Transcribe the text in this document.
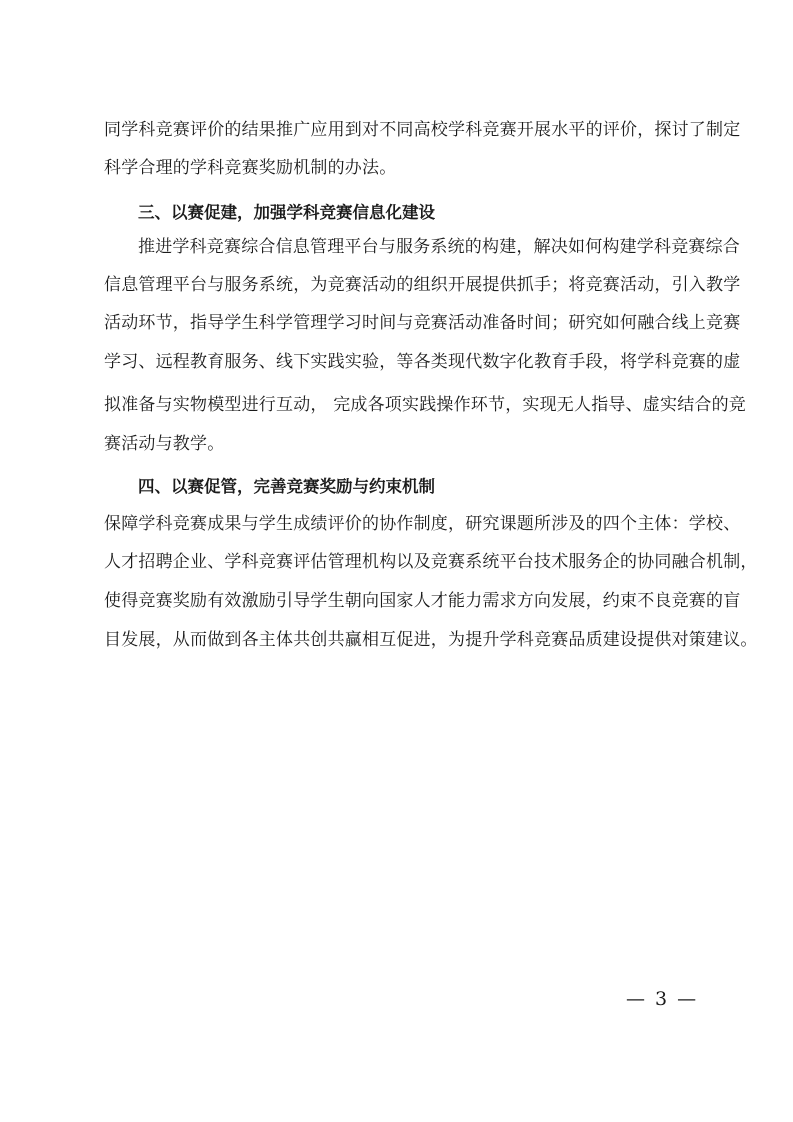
同学科竞赛评价的结果推广应用到对不同高校学科竞赛开展水平的评价，探讨了制定
科学合理的学科竞赛奖励机制的办法。
三、以赛促建，加强学科竞赛信息化建设
推进学科竞赛综合信息管理平台与服务系统的构建，解决如何构建学科竞赛综合
信息管理平台与服务系统，为竞赛活动的组织开展提供抓手；将竞赛活动，引入教学
活动环节，指导学生科学管理学习时间与竞赛活动准备时间；研究如何融合线上竞赛
学习、远程教育服务、线下实践实验，等各类现代数字化教育手段，将学科竞赛的虚
拟准备与实物模型进行互动， 完成各项实践操作环节，实现无人指导、虚实结合的竞
赛活动与教学。
四、以赛促管，完善竞赛奖励与约束机制
保障学科竞赛成果与学生成绩评价的协作制度，研究课题所涉及的四个主体：学校、
人才招聘企业、学科竞赛评估管理机构以及竞赛系统平台技术服务企的协同融合机制，
使得竞赛奖励有效激励引导学生朝向国家人才能力需求方向发展，约束不良竞赛的盲
目发展，从而做到各主体共创共赢相互促进，为提升学科竞赛品质建设提供对策建议。
— 3 —
